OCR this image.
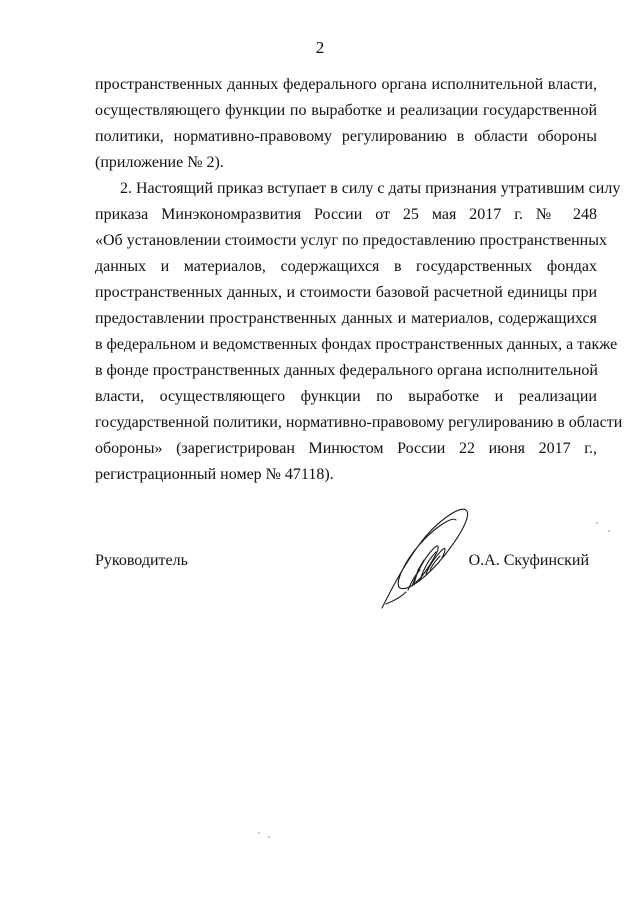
2
пространственных данных федерального органа исполнительной власти,
осуществляющего функции по выработке и реализации государственной
политики, нормативно-правовому регулированию в области обороны
(приложение № 2).
2. Настоящий приказ вступает в силу с даты признания утратившим силу
приказа Минэкономразвития России от 25 мая 2017 г. № 248
«Об установлении стоимости услуг по предоставлению пространственных
данных и материалов, содержащихся в государственных фондах
пространственных данных, и стоимости базовой расчетной единицы при
предоставлении пространственных данных и материалов, содержащихся
в федеральном и ведомственных фондах пространственных данных, а также
в фонде пространственных данных федерального органа исполнительной
власти, осуществляющего функции по выработке и реализации
государственной политики, нормативно-правовому регулированию в области
обороны» (зарегистрирован Минюстом России 22 июня 2017 г.,
регистрационный номер № 47118).
Руководитель	О.А. Скуфинский
